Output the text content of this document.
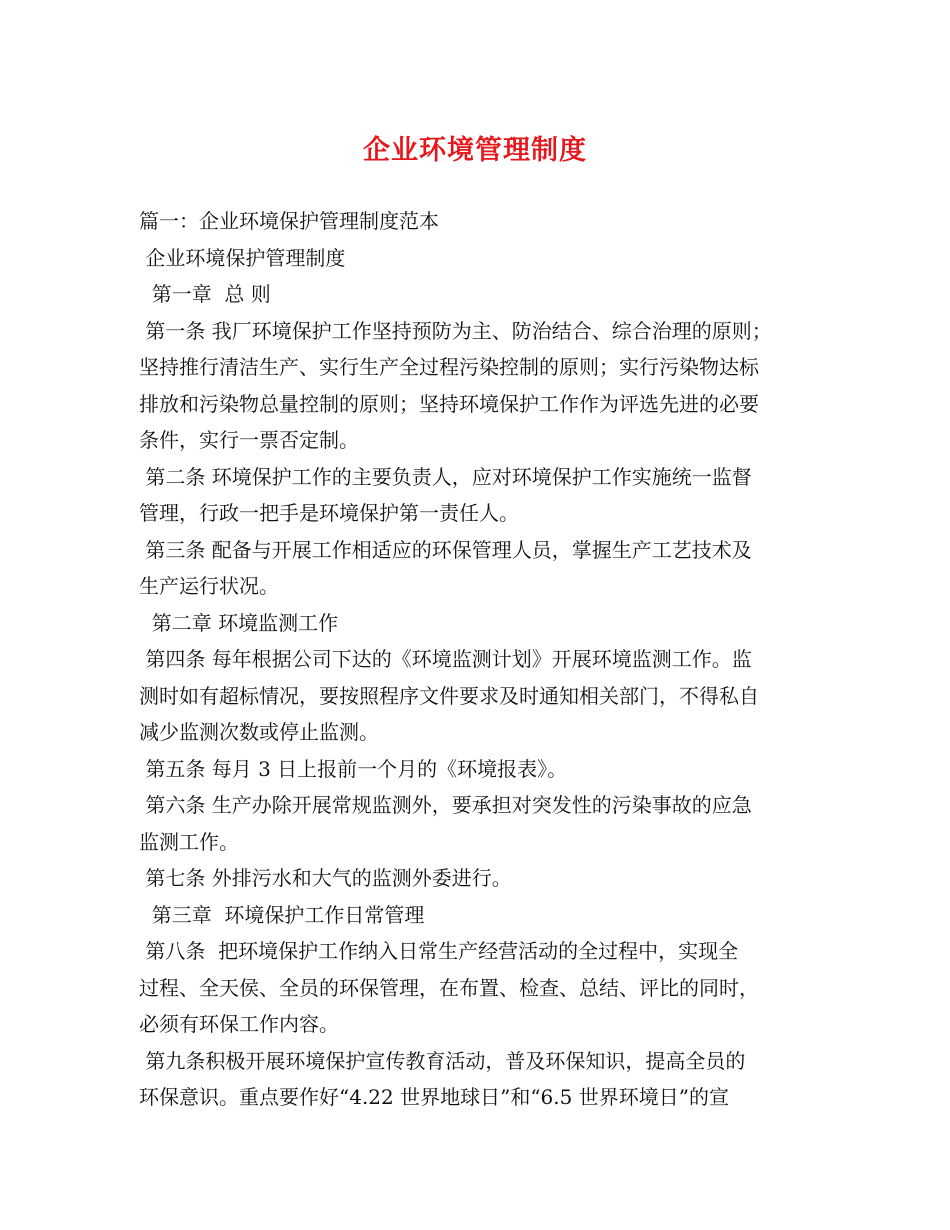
企业环境管理制度
篇一：企业环境保护管理制度范本
企业环境保护管理制度
第一章  总 则
第一条 我厂环境保护工作坚持预防为主、防治结合、综合治理的原则；
坚持推行清洁生产、实行生产全过程污染控制的原则；实行污染物达标
排放和污染物总量控制的原则；坚持环境保护工作作为评选先进的必要
条件，实行一票否定制。
第二条 环境保护工作的主要负责人，应对环境保护工作实施统一监督
管理，行政一把手是环境保护第一责任人。
第三条 配备与开展工作相适应的环保管理人员，掌握生产工艺技术及
生产运行状况。
第二章 环境监测工作
第四条 每年根据公司下达的《环境监测计划》开展环境监测工作。监
测时如有超标情况，要按照程序文件要求及时通知相关部门，不得私自
减少监测次数或停止监测。
第五条 每月 3 日上报前一个月的《环境报表》。
第六条 生产办除开展常规监测外，要承担对突发性的污染事故的应急
监测工作。
第七条 外排污水和大气的监测外委进行。
第三章  环境保护工作日常管理
第八条  把环境保护工作纳入日常生产经营活动的全过程中，实现全
过程、全天侯、全员的环保管理，在布置、检查、总结、评比的同时，
必须有环保工作内容。
第九条积极开展环境保护宣传教育活动，普及环保知识，提高全员的
环保意识。重点要作好“4.22 世界地球日”和“6.5 世界环境日”的宣
